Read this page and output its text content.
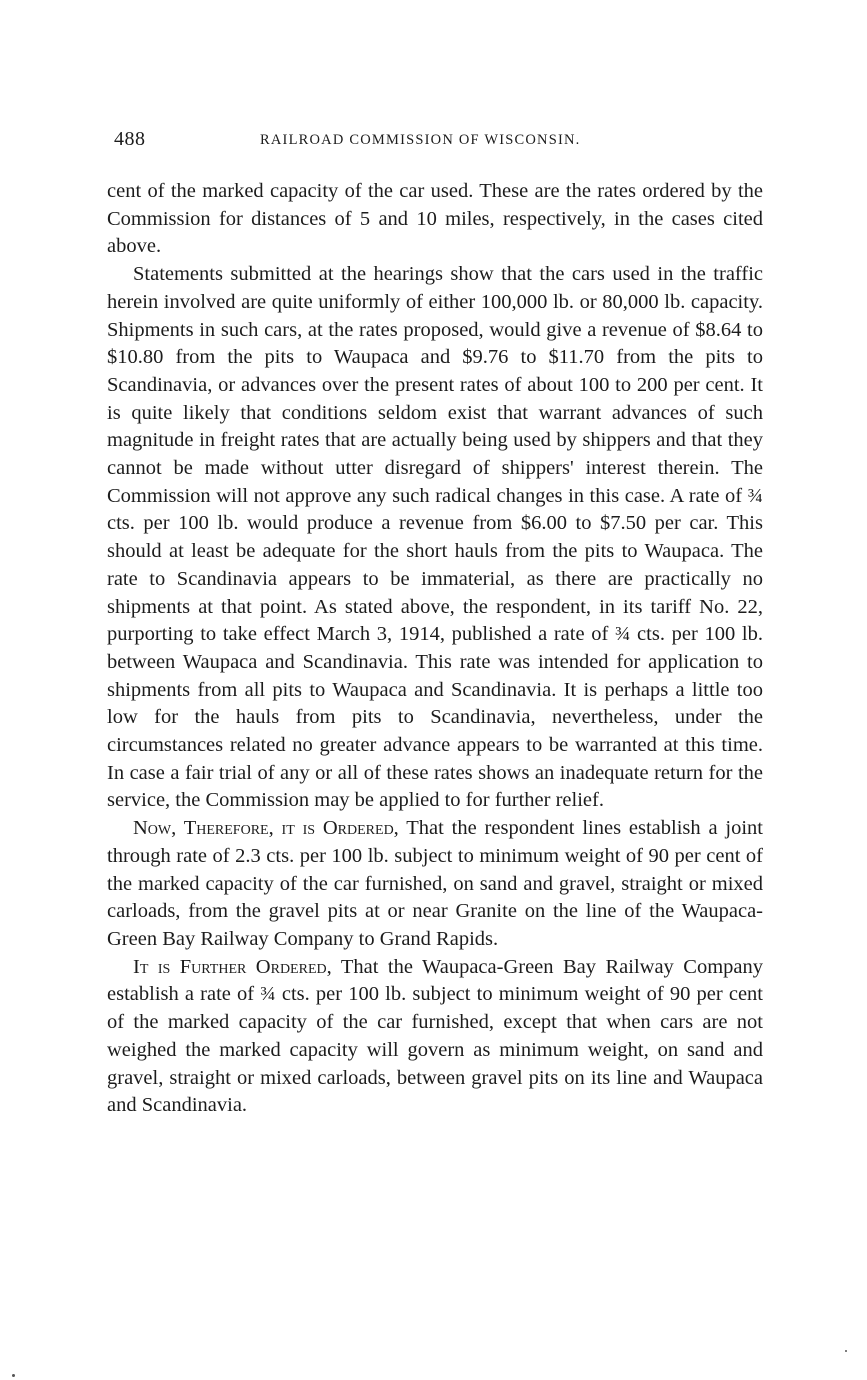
488	RAILROAD COMMISSION OF WISCONSIN.

cent of the marked capacity of the car used. These are the rates ordered by the Commission for distances of 5 and 10 miles, respectively, in the cases cited above.

Statements submitted at the hearings show that the cars used in the traffic herein involved are quite uniformly of either 100,000 lb. or 80,000 lb. capacity. Shipments in such cars, at the rates proposed, would give a revenue of $8.64 to $10.80 from the pits to Waupaca and $9.76 to $11.70 from the pits to Scandinavia, or advances over the present rates of about 100 to 200 per cent. It is quite likely that conditions seldom exist that warrant advances of such magnitude in freight rates that are actually being used by shippers and that they cannot be made without utter disregard of shippers' interest therein. The Commission will not approve any such radical changes in this case. A rate of ¾ cts. per 100 lb. would produce a revenue from $6.00 to $7.50 per car. This should at least be adequate for the short hauls from the pits to Waupaca. The rate to Scandinavia appears to be immaterial, as there are practically no shipments at that point. As stated above, the respondent, in its tariff No. 22, purporting to take effect March 3, 1914, published a rate of ¾ cts. per 100 lb. between Waupaca and Scandinavia. This rate was intended for application to shipments from all pits to Waupaca and Scandinavia. It is perhaps a little too low for the hauls from pits to Scandinavia, nevertheless, under the circumstances related no greater advance appears to be warranted at this time. In case a fair trial of any or all of these rates shows an inadequate return for the service, the Commission may be applied to for further relief.

Now, Therefore, it is Ordered, That the respondent lines establish a joint through rate of 2.3 cts. per 100 lb. subject to minimum weight of 90 per cent of the marked capacity of the car furnished, on sand and gravel, straight or mixed carloads, from the gravel pits at or near Granite on the line of the Waupaca-Green Bay Railway Company to Grand Rapids.

It is Further Ordered, That the Waupaca-Green Bay Railway Company establish a rate of ¾ cts. per 100 lb. subject to minimum weight of 90 per cent of the marked capacity of the car furnished, except that when cars are not weighed the marked capacity will govern as minimum weight, on sand and gravel, straight or mixed carloads, between gravel pits on its line and Waupaca and Scandinavia.
